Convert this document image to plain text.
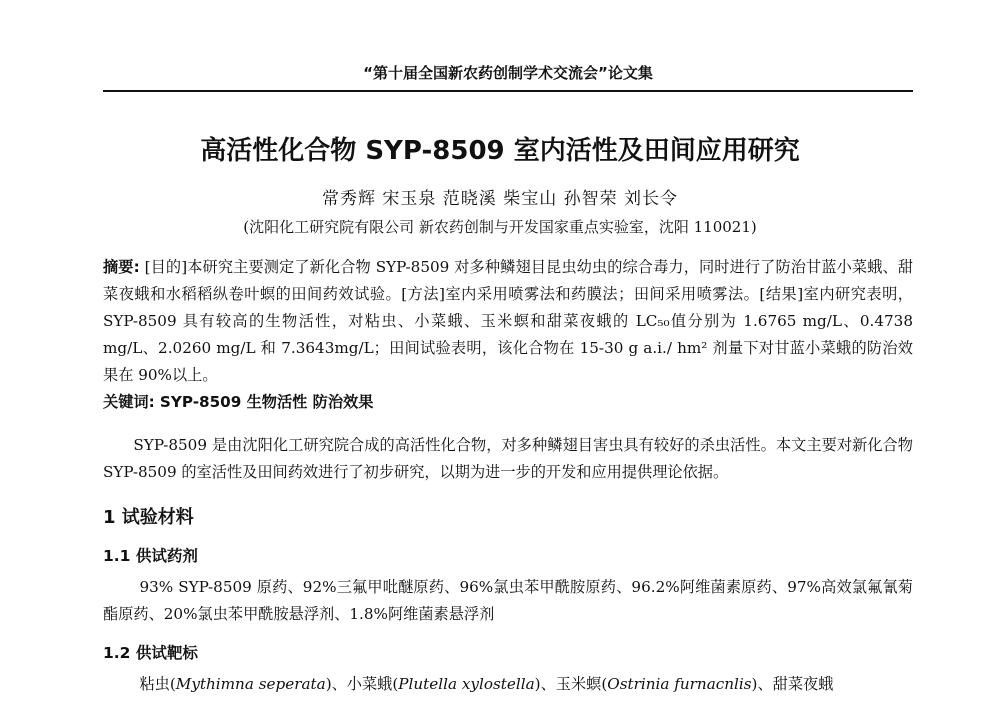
“第十届全国新农药创制学术交流会”论文集
高活性化合物 SYP-8509 室内活性及田间应用研究
常秀辉 宋玉泉 范晓溪 柴宝山 孙智荣 刘长令
(沈阳化工研究院有限公司 新农药创制与开发国家重点实验室，沈阳 110021)
摘要: [目的]本研究主要测定了新化合物 SYP-8509 对多种鳞翅目昆虫幼虫的综合毒力，同时进行了防治甘蓝小菜蛾、甜菜夜蛾和水稻稻纵卷叶螟的田间药效试验。[方法]室内采用喷雾法和药膜法；田间采用喷雾法。[结果]室内研究表明，SYP-8509 具有较高的生物活性，对粘虫、小菜蛾、玉米螟和甜菜夜蛾的 LC₅₀值分别为 1.6765 mg/L、0.4738 mg/L、2.0260 mg/L 和 7.3643mg/L；田间试验表明，该化合物在 15-30 g a.i./ hm² 剂量下对甘蓝小菜蛾的防治效果在 90%以上。
关键词: SYP-8509 生物活性 防治效果
SYP-8509 是由沈阳化工研究院合成的高活性化合物，对多种鳞翅目害虫具有较好的杀虫活性。本文主要对新化合物 SYP-8509 的室活性及田间药效进行了初步研究，以期为进一步的开发和应用提供理论依据。
1 试验材料
1.1 供试药剂
93% SYP-8509 原药、92%三氟甲吡醚原药、96%氯虫苯甲酰胺原药、96.2%阿维菌素原药、97%高效氯氟氰菊酯原药、20%氯虫苯甲酰胺悬浮剂、1.8%阿维菌素悬浮剂
1.2 供试靶标
粘虫(Mythimna seperata)、小菜蛾(Plutella xylostella)、玉米螟(Ostrinia furnacnlis)、甜菜夜蛾
